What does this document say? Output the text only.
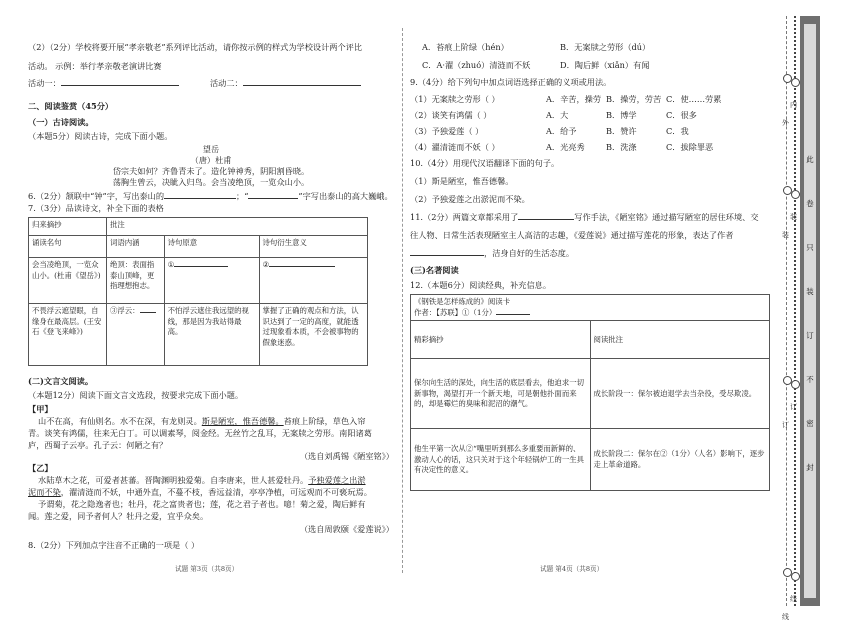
（2）（2分）学校将要开展“孝亲敬老”系列评比活动，请你按示例的样式为学校设计两个评比
活动。 示例：举行孝亲敬老演讲比赛
活动一：	活动二：
二、阅读鉴赏（45分）
（一）古诗阅读。
（本题5分）阅读古诗，完成下面小题。
望岳
（唐）杜甫
岱宗夫如何？齐鲁青未了。造化钟神秀，阴阳割昏晓。
荡胸生曾云，决眦入归鸟。会当凌绝顶，一览众山小。
6.（2分）颔联中“钟”字，写出泰山的	；“	”字写出泰山的高大巍峨。
7.（3分）品读诗文，补全下面的表格
归来摘抄	批注		
诵读名句	词语内涵	诗句原意	诗句衍生意义
会当凌绝顶，一览众山小。(杜甫《望岳》)	绝顶：表面指泰山顶峰，更指理想抱志。	①	②
不畏浮云遮望眼，自缘身在最高层。(王安石《登飞来峰》)	③浮云：	不怕浮云遮住我远望的视线，那是因为我站得最高。	掌握了正确的观点和方法，认识达到了一定的高度，就能透过现象看本质，不会被事物的假象迷惑。
(二)文言文阅读。
（本题12分）阅读下面文言文选段，按要求完成下面小题。
【甲】
山不在高，有仙则名。水不在深，有龙则灵。斯是陋室，惟吾德馨。苔痕上阶绿，草色入帘
青。谈笑有鸿儒，往来无白丁。可以调素琴，阅金经。无丝竹之乱耳，无案牍之劳形。南阳诸葛
庐，西蜀子云亭。孔子云：何陋之有？
（选自刘禹锡《陋室铭》）
【乙】
水陆草木之花，可爱者甚蕃。晋陶渊明独爱菊。自李唐来，世人甚爱牡丹。予独爱莲之出淤
泥而不染，濯清涟而不妖，中通外直，不蔓不枝，香远益清，亭亭净植，可远观而不可亵玩焉。
予谓菊，花之隐逸者也；牡丹，花之富贵者也；莲，花之君子者也。噫！菊之爱，陶后鲜有
闻。莲之爱，同予者何人？牡丹之爱，宜乎众矣。
（选自周敦颐《爱莲说》）
8.（2分）下列加点字注音不正确的一项是（ ）
试题 第3页（共8页）
A．苔痕上阶绿（hén）	B．无案牍之劳形（dú）
C．A·濯（zhuó）清涟而不妖	D．陶后鲜（xiǎn）有闻
9.（4分）给下列句中加点词语选择正确的义项或用法。
（1）无案牍之劳形（ ）	A．辛苦，操劳 B．操劳，劳苦 C．使……劳累
（2）谈笑有鸿儒（ ）	A．大	B．博学	C．很多
（3）予独爱莲（ ）	A．给予	B．赞许	C．我
（4）濯清涟而不妖（ ）	A．光亮秀	B．洗涤	C．拔除罪恶
10.（4分）用现代汉语翻译下面的句子。
（1）斯是陋室，惟吾德馨。
（2）予独爱莲之出淤泥而不染。
11.（2分）两篇文章都采用了	写作手法，《陋室铭》通过描写陋室的居住环境、交
往人物、日常生活表现陋室主人高洁的志趣，《爱莲说》通过描写莲花的形象，表达了作者
，洁身自好的生活态度。
(三)名著阅读
12.（本题6分）阅读经典，补充信息。
《钢铁是怎样炼成的》阅读卡
作者：【苏联】①（1分）	

精彩摘抄	阅读批注
保尔向生活的深处，向生活的底层看去，他迫求一切新事物，渴望打开一个新天地，可是朝他扑面而来的，却是霉烂的臭味和泥沼的潮气。	成长阶段一：保尔被迫退学去当杂役，受尽欺凌。
他生平第一次从②“嘴里听到那么多重要而新鲜的、激动人心的话，这只关对于这个年轻锅炉工的一生具有决定性的意义。	成长阶段二：保尔在②（1分）（人名）影响下，逐步走上革命道路。
试题 第4页（共8页）
此
卷
只
装
订
不
密
封
外
内
装
装
订
订
线
线
